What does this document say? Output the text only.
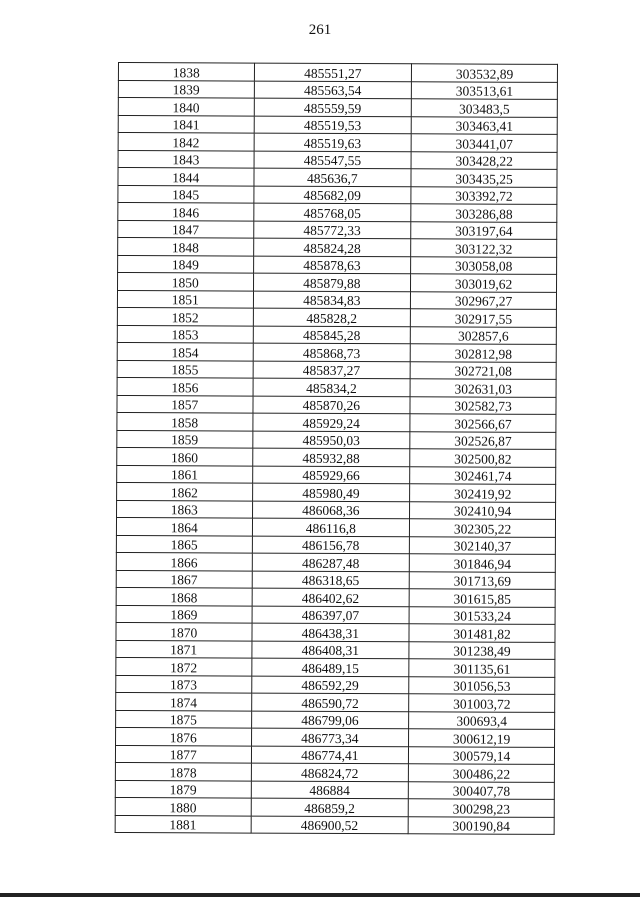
261
1838	485551,27	303532,89
1839	485563,54	303513,61
1840	485559,59	303483,5
1841	485519,53	303463,41
1842	485519,63	303441,07
1843	485547,55	303428,22
1844	485636,7	303435,25
1845	485682,09	303392,72
1846	485768,05	303286,88
1847	485772,33	303197,64
1848	485824,28	303122,32
1849	485878,63	303058,08
1850	485879,88	303019,62
1851	485834,83	302967,27
1852	485828,2	302917,55
1853	485845,28	302857,6
1854	485868,73	302812,98
1855	485837,27	302721,08
1856	485834,2	302631,03
1857	485870,26	302582,73
1858	485929,24	302566,67
1859	485950,03	302526,87
1860	485932,88	302500,82
1861	485929,66	302461,74
1862	485980,49	302419,92
1863	486068,36	302410,94
1864	486116,8	302305,22
1865	486156,78	302140,37
1866	486287,48	301846,94
1867	486318,65	301713,69
1868	486402,62	301615,85
1869	486397,07	301533,24
1870	486438,31	301481,82
1871	486408,31	301238,49
1872	486489,15	301135,61
1873	486592,29	301056,53
1874	486590,72	301003,72
1875	486799,06	300693,4
1876	486773,34	300612,19
1877	486774,41	300579,14
1878	486824,72	300486,22
1879	486884	300407,78
1880	486859,2	300298,23
1881	486900,52	300190,84
